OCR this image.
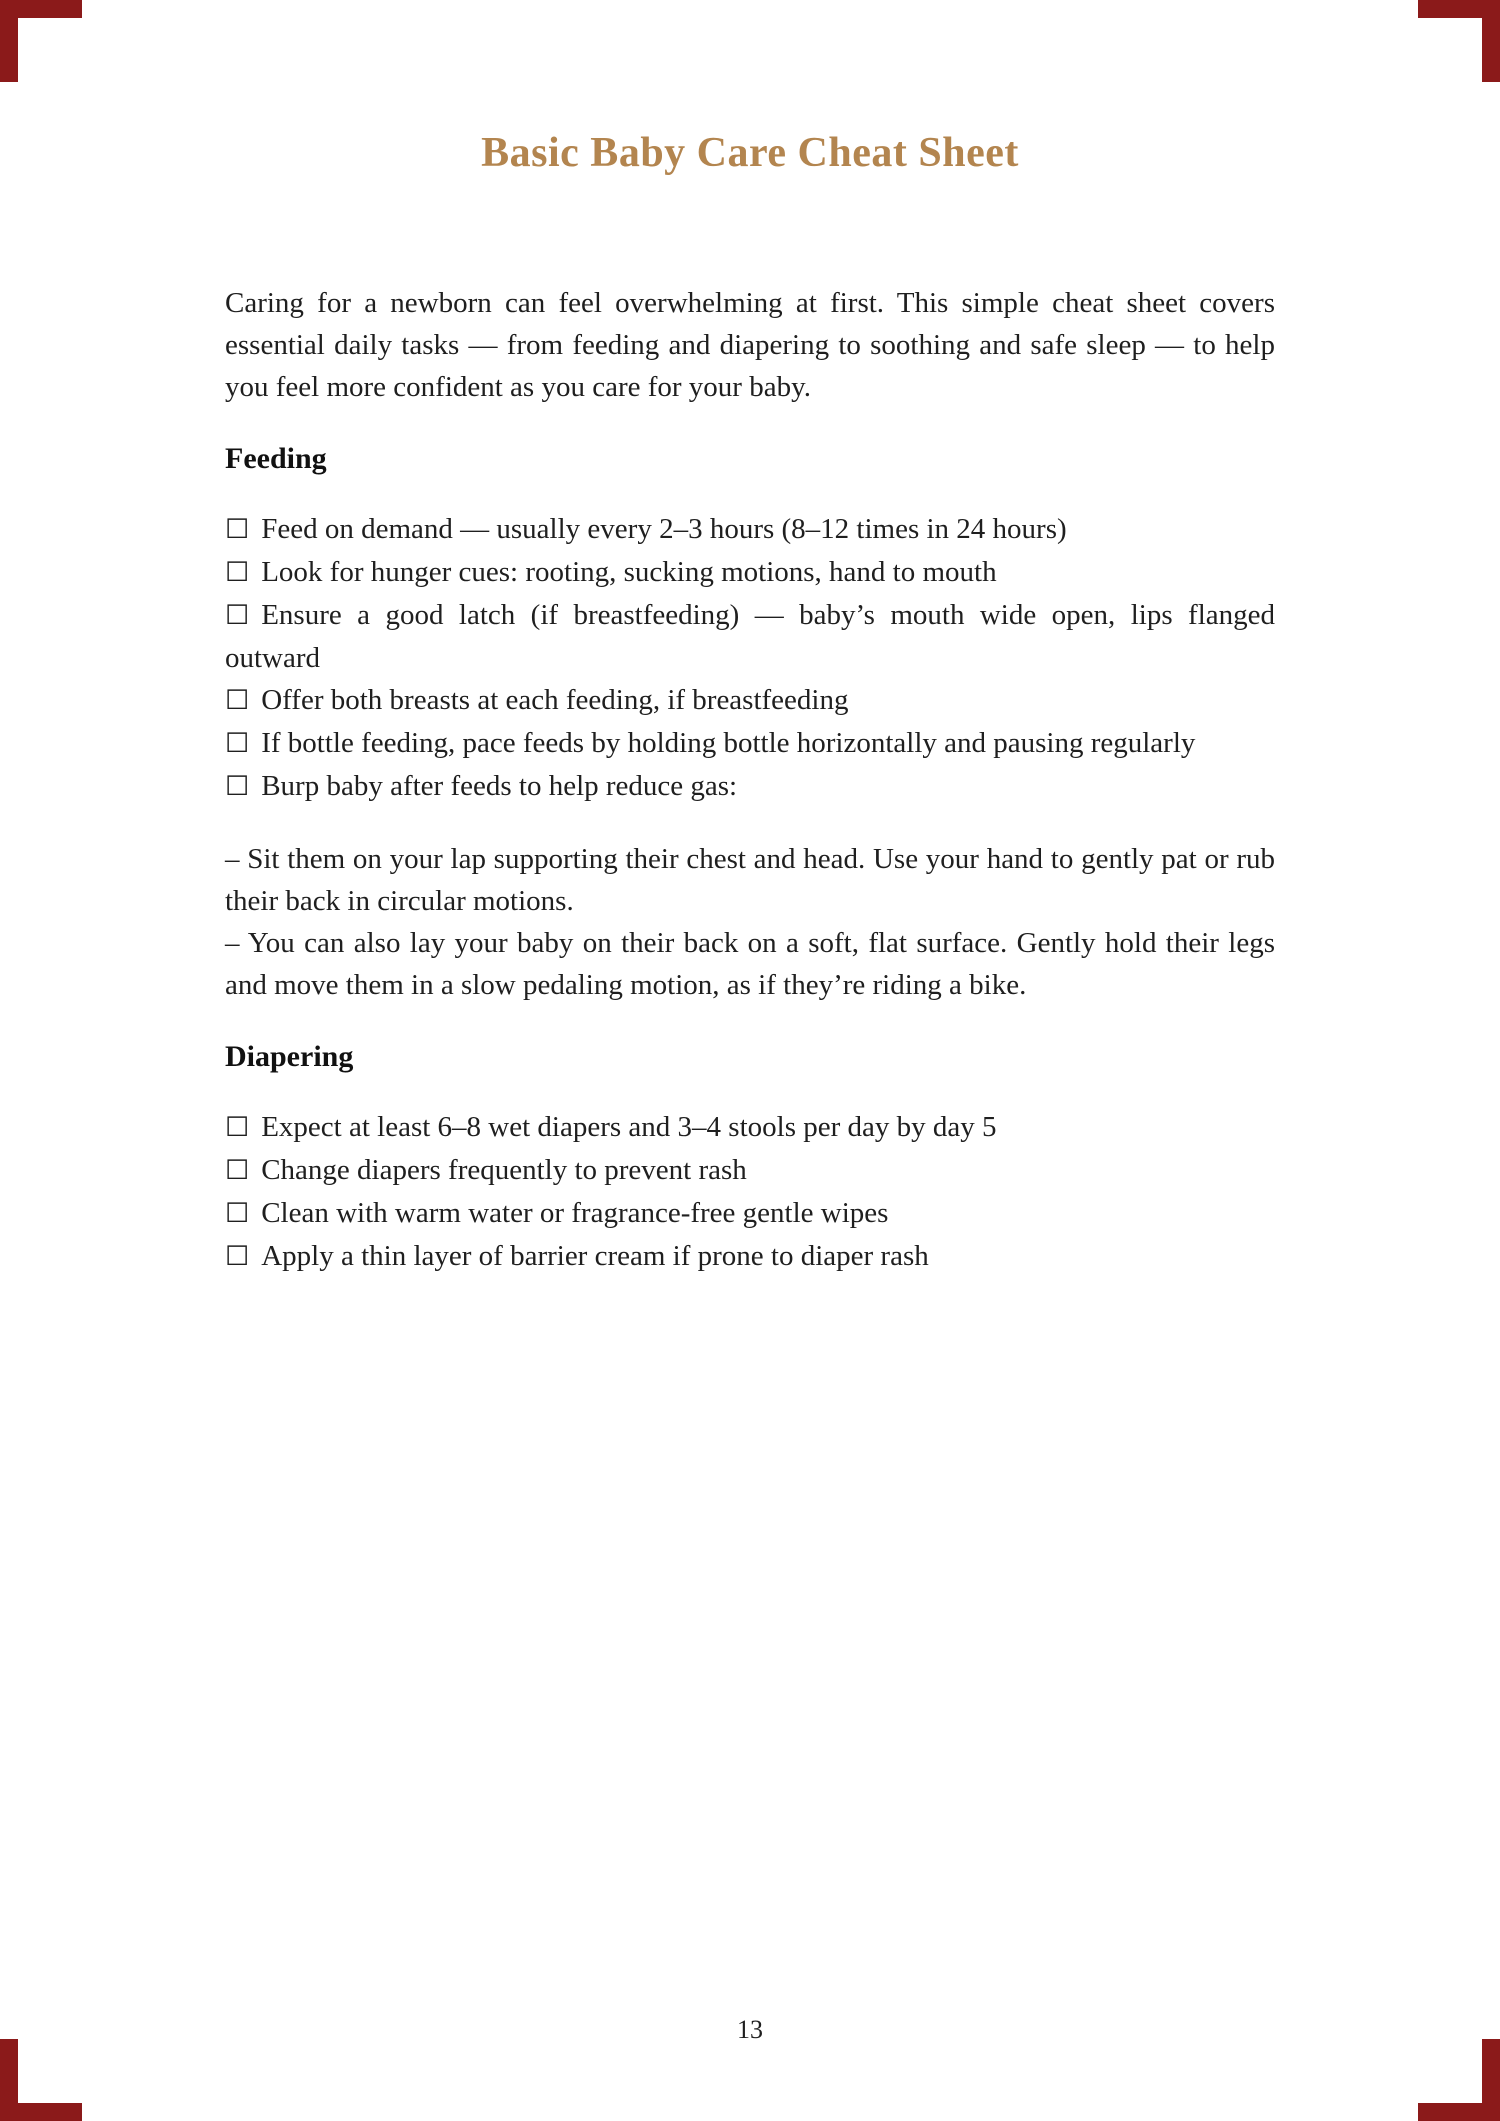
Basic Baby Care Cheat Sheet

Caring for a newborn can feel overwhelming at first. This simple cheat sheet covers essential daily tasks — from feeding and diapering to soothing and safe sleep — to help you feel more confident as you care for your baby.

Feeding

☐ Feed on demand — usually every 2–3 hours (8–12 times in 24 hours)

☐ Look for hunger cues: rooting, sucking motions, hand to mouth

☐ Ensure a good latch (if breastfeeding) — baby’s mouth wide open, lips flanged outward

☐ Offer both breasts at each feeding, if breastfeeding

☐ If bottle feeding, pace feeds by holding bottle horizontally and pausing regularly

☐ Burp baby after feeds to help reduce gas:

– Sit them on your lap supporting their chest and head. Use your hand to gently pat or rub their back in circular motions.

– You can also lay your baby on their back on a soft, flat surface. Gently hold their legs and move them in a slow pedaling motion, as if they’re riding a bike.

Diapering

☐ Expect at least 6–8 wet diapers and 3–4 stools per day by day 5

☐ Change diapers frequently to prevent rash

☐ Clean with warm water or fragrance-free gentle wipes

☐ Apply a thin layer of barrier cream if prone to diaper rash

13
